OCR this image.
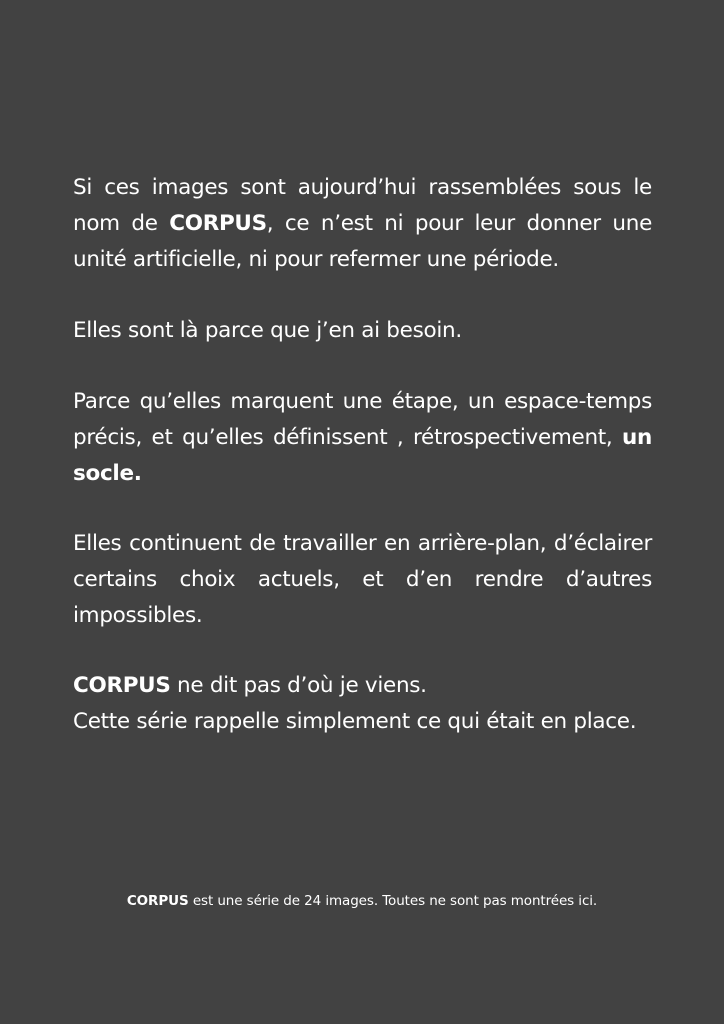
Si ces images sont aujourd’hui rassemblées sous le nom de CORPUS, ce n’est ni pour leur donner une unité artificielle, ni pour refermer une période.

Elles sont là parce que j’en ai besoin.

Parce qu’elles marquent une étape, un espace-temps précis, et qu’elles définissent , rétrospectivement, un socle.

Elles continuent de travailler en arrière-plan, d’éclairer certains choix actuels, et d’en rendre d’autres impossibles.

CORPUS ne dit pas d’où je viens.

Cette série rappelle simplement ce qui était en place.

CORPUS est une série de 24 images. Toutes ne sont pas montrées ici.
